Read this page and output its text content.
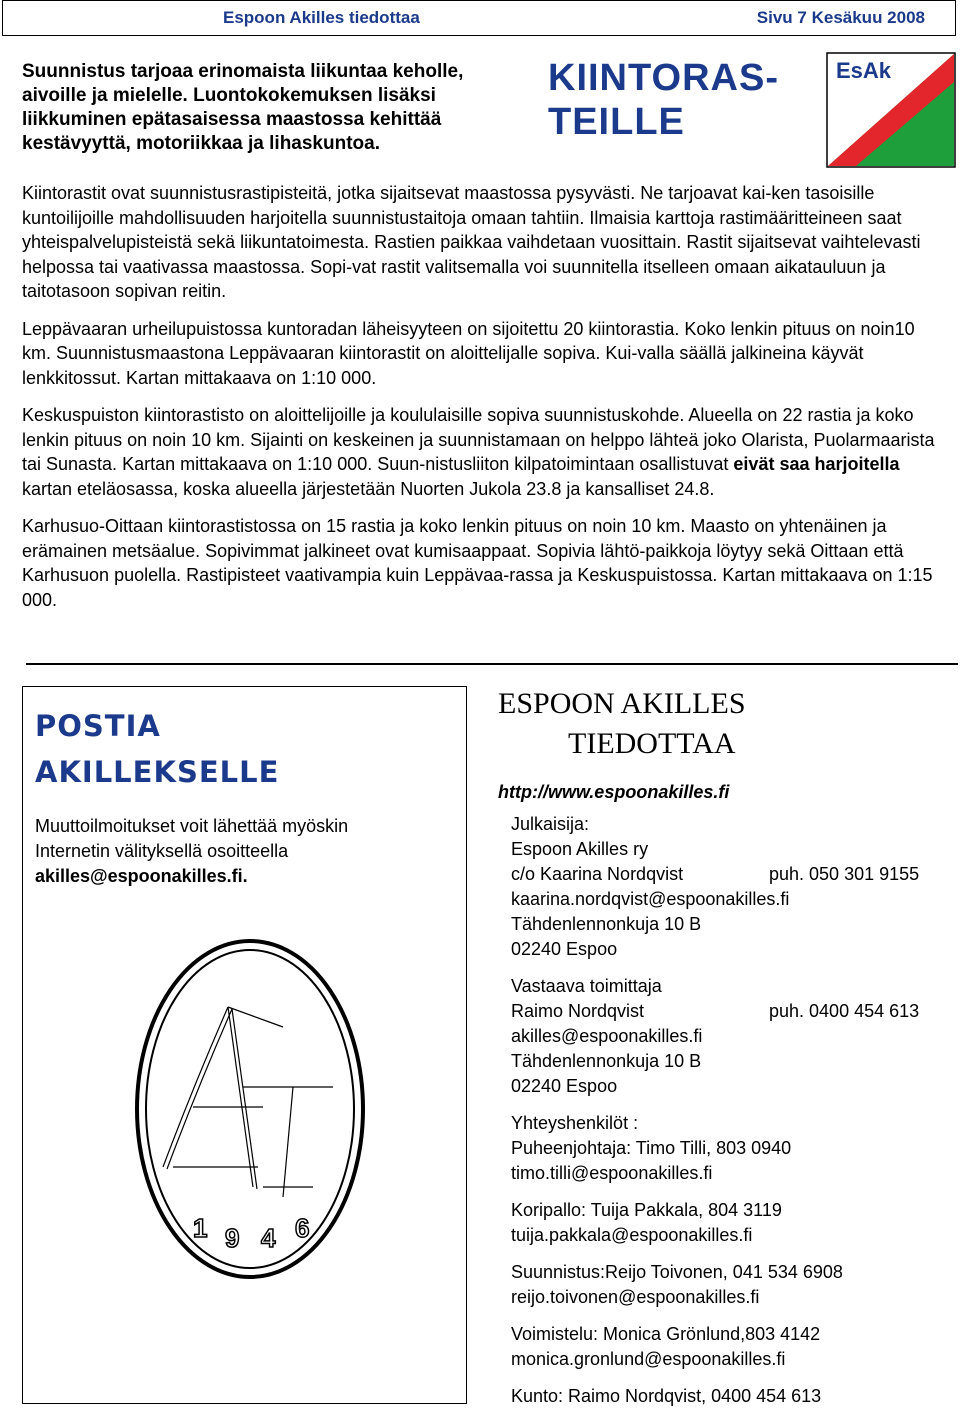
Espoon Akilles tiedottaa	Sivu 7 Kesäkuu 2008
Suunnistus tarjoaa erinomaista liikuntaa keholle,
aivoille ja mielelle. Luontokokemuksen lisäksi
liikkuminen epätasaisessa maastossa kehittää
kestävyyttä, motoriikkaa ja lihaskuntoa.
KIINTORAS-
TEILLE
EsAk

Kiintorastit ovat suunnistusrastipisteitä, jotka sijaitsevat maastossa pysyvästi. Ne tarjoavat kai-ken tasoisille kuntoilijoille mahdollisuuden harjoitella suunnistustaitoja omaan tahtiin. Ilmaisia karttoja rastimääritteineen saat yhteispalvelupisteistä sekä liikuntatoimesta. Rastien paikkaa vaihdetaan vuosittain. Rastit sijaitsevat vaihtelevasti helpossa tai vaativassa maastossa. Sopi-vat rastit valitsemalla voi suunnitella itselleen omaan aikatauluun ja taitotasoon sopivan reitin.

Leppävaaran urheilupuistossa kuntoradan läheisyyteen on sijoitettu 20 kiintorastia. Koko lenkin pituus on noin10 km. Suunnistusmaastona Leppävaaran kiintorastit on aloittelijalle sopiva. Kui-valla säällä jalkineina käyvät lenkkitossut. Kartan mittakaava on 1:10 000.

Keskuspuiston kiintorastisto on aloittelijoille ja koululaisille sopiva suunnistuskohde. Alueella on 22 rastia ja koko lenkin pituus on noin 10 km. Sijainti on keskeinen ja suunnistamaan on helppo lähteä joko Olarista, Puolarmaarista tai Sunasta. Kartan mittakaava on 1:10 000. Suun-nistusliiton kilpatoimintaan osallistuvat eivät saa harjoitella kartan eteläosassa, koska alueella järjestetään Nuorten Jukola 23.8 ja kansalliset 24.8.

Karhusuo-Oittaan kiintorastistossa on 15 rastia ja koko lenkin pituus on noin 10 km. Maasto on yhtenäinen ja erämainen metsäalue. Sopivimmat jalkineet ovat kumisaappaat. Sopivia lähtö-paikkoja löytyy sekä Oittaan että Karhusuon puolella. Rastipisteet vaativampia kuin Leppävaa-rassa ja Keskuspuistossa. Kartan mittakaava on 1:15 000.

POSTIA
AKILLEKSELLE
Muuttoilmoitukset voit lähettää myöskin
Internetin välityksellä osoitteella
akilles@espoonakilles.fi.
1 9 4 6
ESPOON AKILLES
TIEDOTTAA
http://www.espoonakilles.fi
Julkaisija:
Espoon Akilles ry
c/o Kaarina Nordqvist	puh. 050 301 9155
kaarina.nordqvist@espoonakilles.fi
Tähdenlennonkuja 10 B
02240 Espoo
Vastaava toimittaja
Raimo Nordqvist	puh. 0400 454 613
akilles@espoonakilles.fi
Tähdenlennonkuja 10 B
02240 Espoo
Yhteyshenkilöt :
Puheenjohtaja: Timo Tilli, 803 0940
timo.tilli@espoonakilles.fi
Koripallo: Tuija Pakkala, 804 3119
tuija.pakkala@espoonakilles.fi
Suunnistus:Reijo Toivonen, 041 534 6908
reijo.toivonen@espoonakilles.fi
Voimistelu: Monica Grönlund,803 4142
monica.gronlund@espoonakilles.fi
Kunto: Raimo Nordqvist, 0400 454 613
